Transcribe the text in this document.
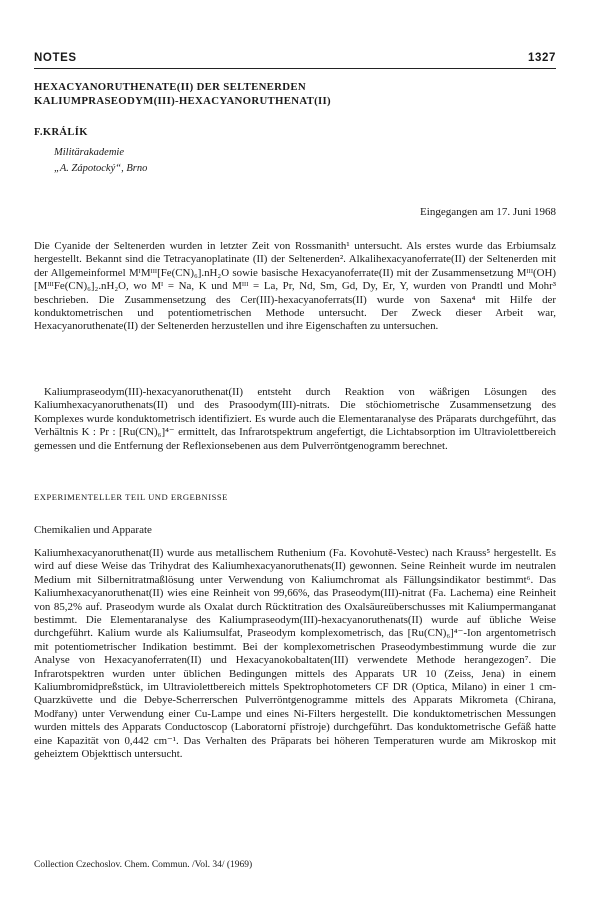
NOTES	1327
HEXACYANORUTHENATE(II) DER SELTENERDEN
KALIUMPRASEODYM(III)-HEXACYANORUTHENAT(II)
F.KRÁLÍK
Militärakademie
„A. Zápotocký“, Brno
Eingegangen am 17. Juni 1968

Die Cyanide der Seltenerden wurden in letzter Zeit von Rossmanith¹ untersucht. Als erstes wurde das Erbiumsalz hergestellt. Bekannt sind die Tetracyanoplatinate (II) der Seltenerden². Alkalihexacyanoferrate(II) der Seltenerden mit der Allgemeinformel MᴵMᴵᴵᴵ[Fe(CN)₆].nH₂O sowie basische Hexacyanoferrate(II) mit der Zusammensetzung Mᴵᴵᴵ(OH) [MᴵᴵᴵFe(CN)₆]₂.nH₂O, wo Mᴵ = Na, K und Mᴵᴵᴵ = La, Pr, Nd, Sm, Gd, Dy, Er, Y, wurden von Prandtl und Mohr³ beschrieben. Die Zusammensetzung des Cer(III)-hexacyanoferrats(II) wurde von Saxena⁴ mit Hilfe der konduktometrischen und potentiometrischen Methode untersucht. Der Zweck dieser Arbeit war, Hexacyanoruthenate(II) der Seltenerden herzustellen und ihre Eigenschaften zu untersuchen.

Kaliumpraseodym(III)-hexacyanoruthenat(II) entsteht durch Reaktion von wäßrigen Lösungen des Kaliumhexacyanoruthenats(II) und des Prasoodym(III)-nitrats. Die stöchiometrische Zusammensetzung des Komplexes wurde konduktometrisch identifiziert. Es wurde auch die Elementaranalyse des Präparats durchgeführt, das Verhältnis K : Pr : [Ru(CN)₆]⁴⁻ ermittelt, das Infrarotspektrum angefertigt, die Lichtabsorption im Ultraviolettbereich gemessen und die Entfernung der Reflexionsebenen aus dem Pulverröntgenogramm berechnet.

EXPERIMENTELLER TEIL UND ERGEBNISSE
Chemikalien und Apparate

Kaliumhexacyanoruthenat(II) wurde aus metallischem Ruthenium (Fa. Kovohutě-Vestec) nach Krauss⁵ hergestellt. Es wird auf diese Weise das Trihydrat des Kaliumhexacyanoruthenats(II) gewonnen. Seine Reinheit wurde im neutralen Medium mit Silbernitratmaßlösung unter Verwendung von Kaliumchromat als Fällungsindikator bestimmt⁶. Das Kaliumhexacyanoruthenat(II) wies eine Reinheit von 99,66%, das Praseodym(III)-nitrat (Fa. Lachema) eine Reinheit von 85,2% auf. Praseodym wurde als Oxalat durch Rücktitration des Oxalsäureüberschusses mit Kaliumpermanganat bestimmt. Die Elementaranalyse des Kaliumpraseodym(III)-hexacyanoruthenats(II) wurde auf übliche Weise durchgeführt. Kalium wurde als Kaliumsulfat, Praseodym komplexometrisch, das [Ru(CN)₆]⁴⁻-Ion argentometrisch mit potentiometrischer Indikation bestimmt. Bei der komplexometrischen Praseodymbestimmung wurde die zur Analyse von Hexacyanoferraten(II) und Hexacyanokobaltaten(III) verwendete Methode herangezogen⁷. Die Infrarotspektren wurden unter üblichen Bedingungen mittels des Apparats UR 10 (Zeiss, Jena) in einem Kaliumbromidpreßstück, im Ultraviolettbereich mittels Spektrophotometers CF DR (Optica, Milano) in einer 1 cm-Quarzküvette und die Debye-Scherrerschen Pulverröntgenogramme mittels des Apparats Mikrometa (Chirana, Modřany) unter Verwendung einer Cu-Lampe und eines Ni-Filters hergestellt. Die konduktometrischen Messungen wurden mittels des Apparats Conductoscop (Laboratorní přístroje) durchgeführt. Das konduktometrische Gefäß hatte eine Kapazität von 0,442 cm⁻¹. Das Verhalten des Präparats bei höheren Temperaturen wurde am Mikroskop mit geheiztem Objekttisch untersucht.

Collection Czechoslov. Chem. Commun. /Vol. 34/ (1969)
